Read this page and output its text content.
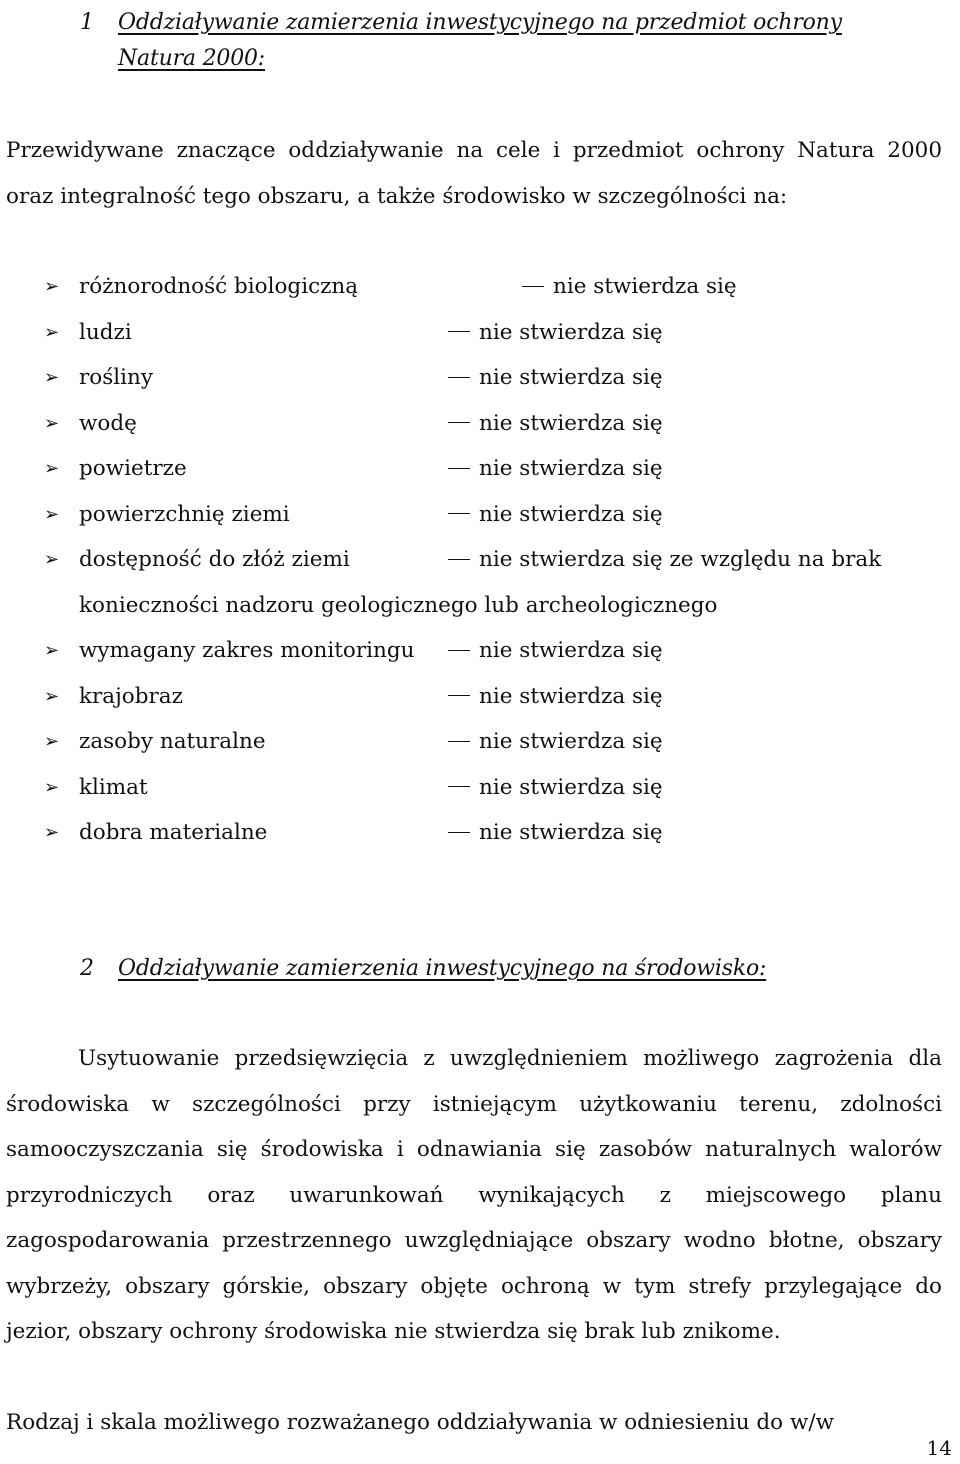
1 Oddziaływanie zamierzenia inwestycyjnego na przedmiot ochrony
Natura 2000:
Przewidywane znaczące oddziaływanie na cele i przedmiot ochrony Natura 2000 oraz integralność tego obszaru, a także środowisko w szczególności na:
➢ różnorodność biologiczną	nie stwierdza się
➢ ludzi	nie stwierdza się
➢ rośliny	nie stwierdza się
➢ wodę	nie stwierdza się
➢ powietrze	nie stwierdza się
➢ powierzchnię ziemi	nie stwierdza się
➢ dostępność do złóż ziemi	nie stwierdza się ze względu na brak
konieczności nadzoru geologicznego lub archeologicznego
➢ wymagany zakres monitoringu	nie stwierdza się
➢ krajobraz	nie stwierdza się
➢ zasoby naturalne	nie stwierdza się
➢ klimat	nie stwierdza się
➢ dobra materialne	nie stwierdza się
2 Oddziaływanie zamierzenia inwestycyjnego na środowisko:
Usytuowanie przedsięwzięcia z uwzględnieniem możliwego zagrożenia dla środowiska w szczególności przy istniejącym użytkowaniu terenu, zdolności samooczyszczania się środowiska i odnawiania się zasobów naturalnych walorów przyrodniczych oraz uwarunkowań wynikających z miejscowego planu zagospodarowania przestrzennego uwzględniające obszary wodno błotne, obszary wybrzeży, obszary górskie, obszary objęte ochroną w tym strefy przylegające do jezior, obszary ochrony środowiska nie stwierdza się brak lub znikome.
Rodzaj i skala możliwego rozważanego oddziaływania w odniesieniu do w/w
14
